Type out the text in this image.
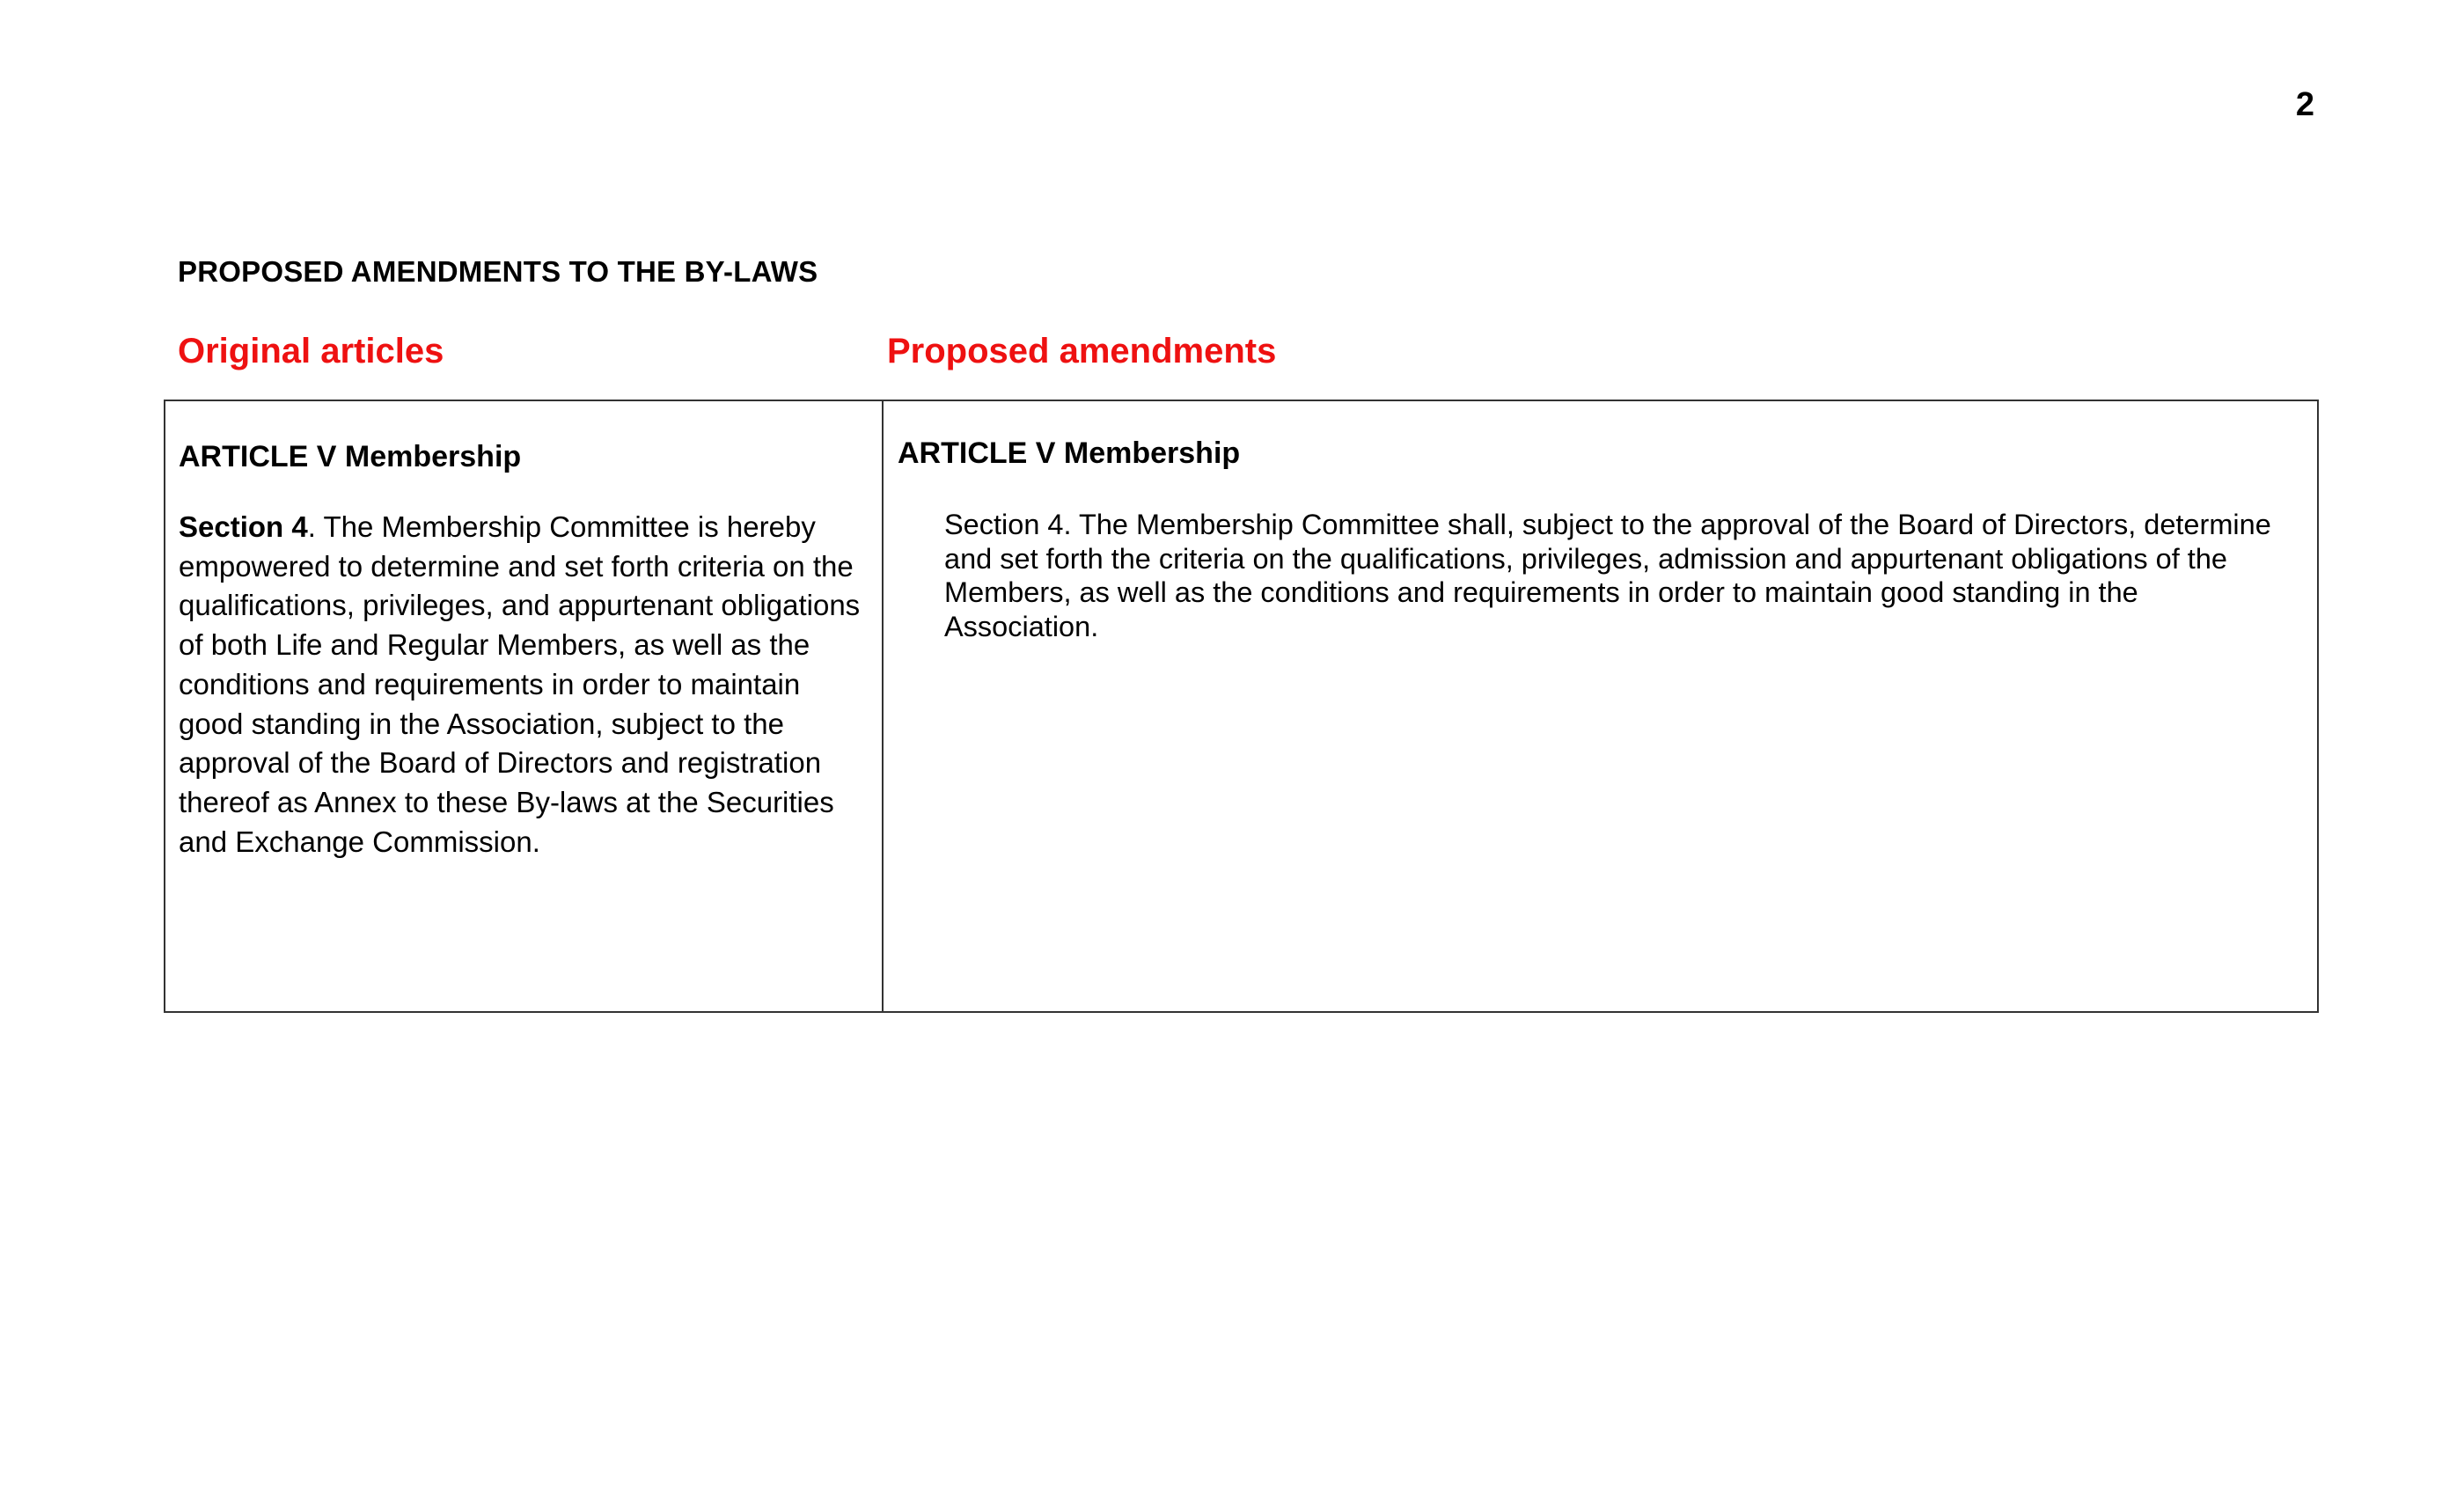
2
PROPOSED AMENDMENTS TO THE BY-LAWS
Original articles	Proposed amendments

ARTICLE V Membership

Section 4. The Membership Committee is hereby empowered to determine and set forth criteria on the qualifications, privileges, and appurtenant obligations of both Life and Regular Members, as well as the conditions and requirements in order to maintain good standing in the Association, subject to the approval of the Board of Directors and registration thereof as Annex to these By-laws at the Securities and Exchange Commission.

ARTICLE V Membership

Section 4. The Membership Committee shall, subject to the approval of the Board of Directors, determine and set forth the criteria on the qualifications, privileges, admission and appurtenant obligations of the Members, as well as the conditions and requirements in order to maintain good standing in the Association.
